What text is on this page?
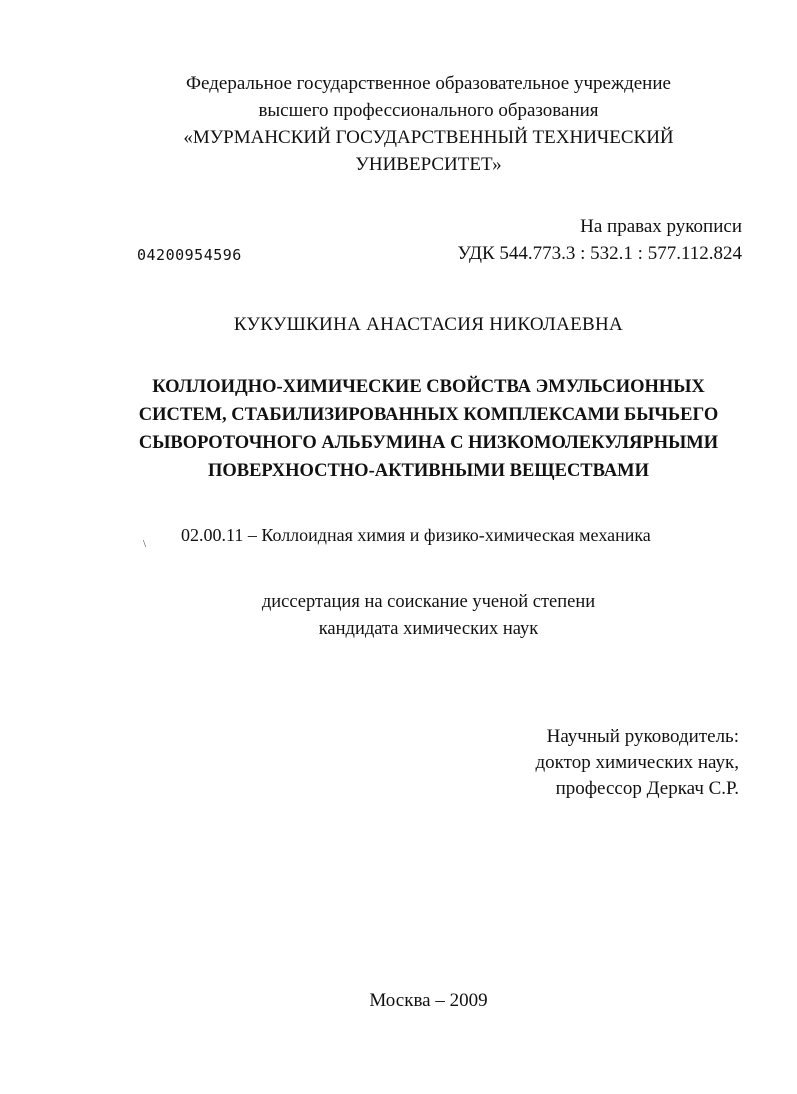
Федеральное государственное образовательное учреждение
высшего профессионального образования
«МУРМАНСКИЙ ГОСУДАРСТВЕННЫЙ ТЕХНИЧЕСКИЙ
УНИВЕРСИТЕТ»
На правах рукописи
УДК 544.773.3 : 532.1 : 577.112.824
04200954596
КУКУШКИНА АНАСТАСИЯ НИКОЛАЕВНА
КОЛЛОИДНО-ХИМИЧЕСКИЕ СВОЙСТВА ЭМУЛЬСИОННЫХ
СИСТЕМ, СТАБИЛИЗИРОВАННЫХ КОМПЛЕКСАМИ БЫЧЬЕГО
СЫВОРОТОЧНОГО АЛЬБУМИНА С НИЗКОМОЛЕКУЛЯРНЫМИ
ПОВЕРХНОСТНО-АКТИВНЫМИ ВЕЩЕСТВАМИ
\ 02.00.11 – Коллоидная химия и физико-химическая механика
диссертация на соискание ученой степени
кандидата химических наук
Научный руководитель:
доктор химических наук,
профессор Деркач С.Р.
Москва – 2009
